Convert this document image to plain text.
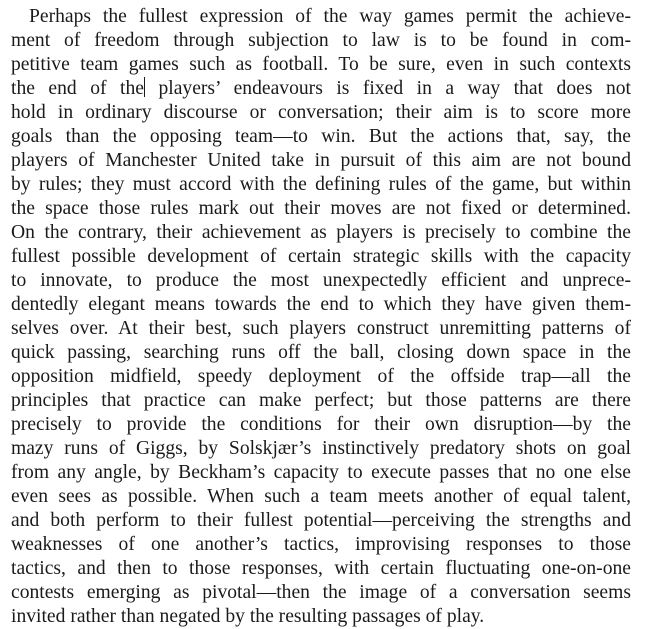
Perhaps the fullest expression of the way games permit the achieve-
ment of freedom through subjection to law is to be found in com-
petitive team games such as football. To be sure, even in such contexts
the end of the players’ endeavours is fixed in a way that does not
hold in ordinary discourse or conversation; their aim is to score more
goals than the opposing team—to win. But the actions that, say, the
players of Manchester United take in pursuit of this aim are not bound
by rules; they must accord with the defining rules of the game, but within
the space those rules mark out their moves are not fixed or determined.
On the contrary, their achievement as players is precisely to combine the
fullest possible development of certain strategic skills with the capacity
to innovate, to produce the most unexpectedly efficient and unprece-
dentedly elegant means towards the end to which they have given them-
selves over. At their best, such players construct unremitting patterns of
quick passing, searching runs off the ball, closing down space in the
opposition midfield, speedy deployment of the offside trap—all the
principles that practice can make perfect; but those patterns are there
precisely to provide the conditions for their own disruption—by the
mazy runs of Giggs, by Solskjær’s instinctively predatory shots on goal
from any angle, by Beckham’s capacity to execute passes that no one else
even sees as possible. When such a team meets another of equal talent,
and both perform to their fullest potential—perceiving the strengths and
weaknesses of one another’s tactics, improvising responses to those
tactics, and then to those responses, with certain fluctuating one-on-one
contests emerging as pivotal—then the image of a conversation seems
invited rather than negated by the resulting passages of play.
